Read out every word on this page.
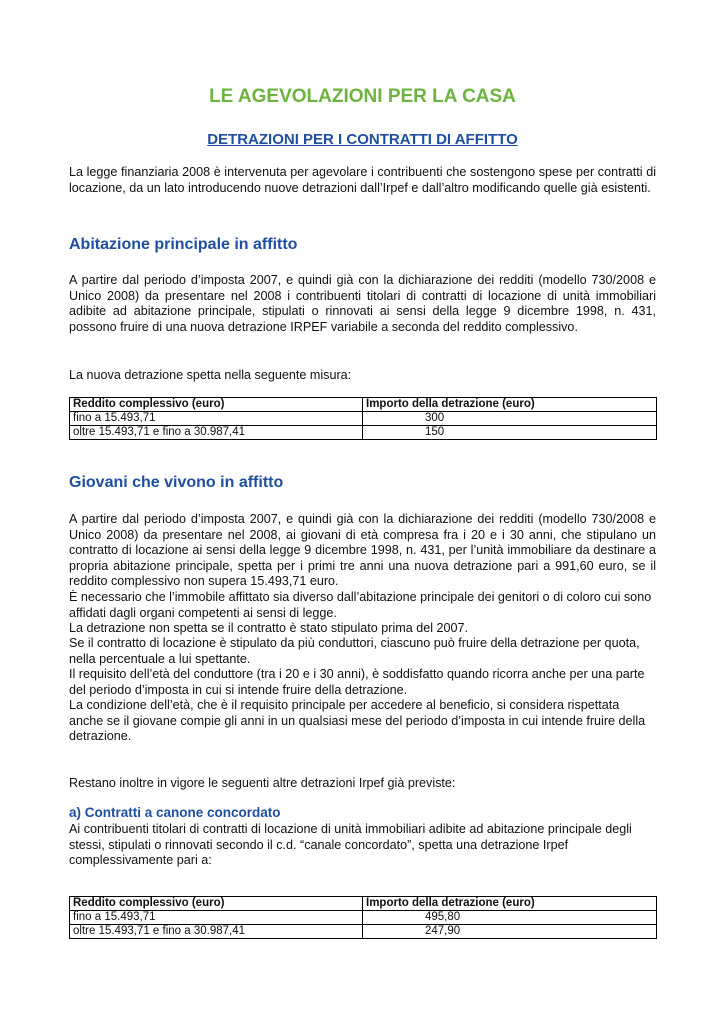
LE AGEVOLAZIONI PER LA CASA
DETRAZIONI PER I CONTRATTI DI AFFITTO

La legge finanziaria 2008 è intervenuta per agevolare i contribuenti che sostengono spese per contratti di locazione, da un lato introducendo nuove detrazioni dall’Irpef e dall’altro modificando quelle già esistenti.

Abitazione principale in affitto

A partire dal periodo d’imposta 2007, e quindi già con la dichiarazione dei redditi (modello 730/2008 e Unico 2008) da presentare nel 2008 i contribuenti titolari di contratti di locazione di unità immobiliari adibite ad abitazione principale, stipulati o rinnovati ai sensi della legge 9 dicembre 1998, n. 431, possono fruire di una nuova detrazione IRPEF variabile a seconda del reddito complessivo.

La nuova detrazione spetta nella seguente misura:

Reddito complessivo (euro)	Importo della detrazione (euro)
fino a 15.493,71	300
oltre 15.493,71 e fino a 30.987,41	150
Giovani che vivono in affitto

A partire dal periodo d’imposta 2007, e quindi già con la dichiarazione dei redditi (modello 730/2008 e Unico 2008) da presentare nel 2008, ai giovani di età compresa fra i 20 e i 30 anni, che stipulano un contratto di locazione ai sensi della legge 9 dicembre 1998, n. 431, per l’unità immobiliare da destinare a propria abitazione principale, spetta per i primi tre anni una nuova detrazione pari a 991,60 euro, se il reddito complessivo non supera 15.493,71 euro.

È necessario che l’immobile affittato sia diverso dall’abitazione principale dei genitori o di coloro cui sono affidati dagli organi competenti ai sensi di legge.

La detrazione non spetta se il contratto è stato stipulato prima del 2007.

Se il contratto di locazione è stipulato da più conduttori, ciascuno può fruire della detrazione per quota, nella percentuale a lui spettante.

Il requisito dell’età del conduttore (tra i 20 e i 30 anni), è soddisfatto quando ricorra anche per una parte del periodo d’imposta in cui si intende fruire della detrazione.

La condizione dell’età, che è il requisito principale per accedere al beneficio, si considera rispettata anche se il giovane compie gli anni in un qualsiasi mese del periodo d’imposta in cui intende fruire della detrazione.

Restano inoltre in vigore le seguenti altre detrazioni Irpef già previste:

a) Contratti a canone concordato

Ai contribuenti titolari di contratti di locazione di unità immobiliari adibite ad abitazione principale degli stessi, stipulati o rinnovati secondo il c.d. “canale concordato”, spetta una detrazione Irpef complessivamente pari a:

Reddito complessivo (euro)	Importo della detrazione (euro)
fino a 15.493,71	495,80
oltre 15.493,71 e fino a 30.987,41	247,90
